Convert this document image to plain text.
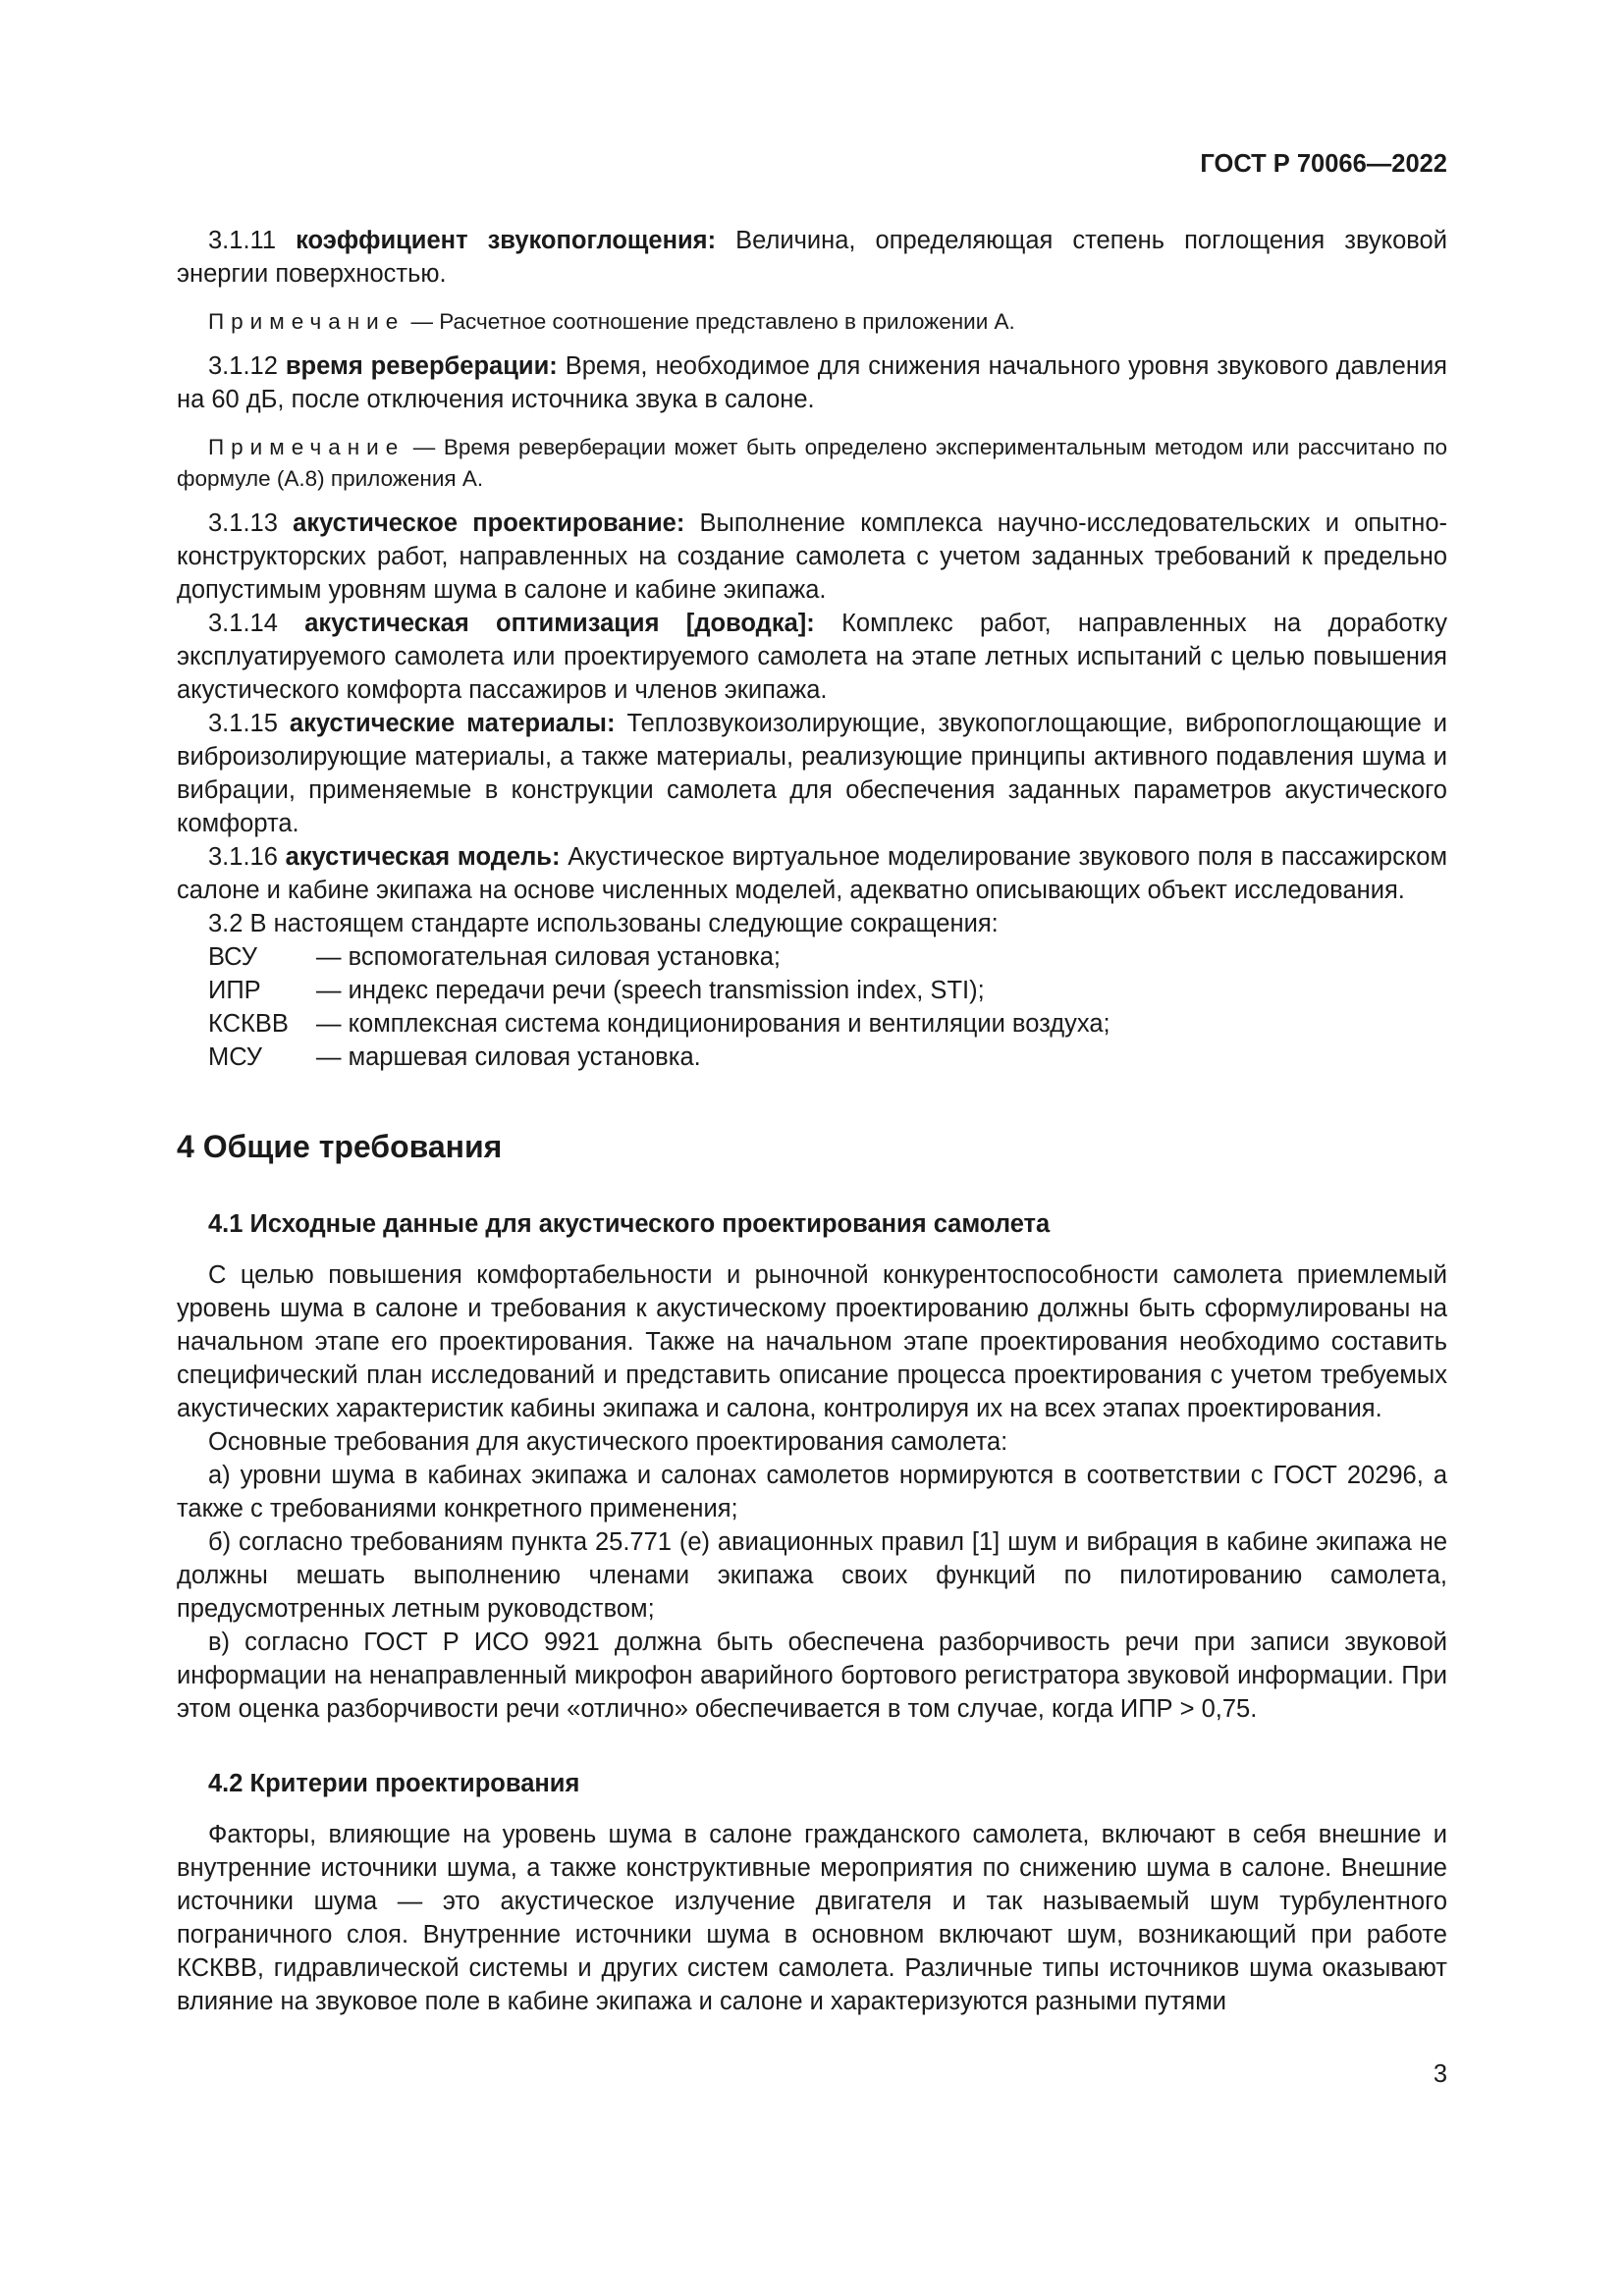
ГОСТ Р 70066—2022

3.1.11 коэффициент звукопоглощения: Величина, определяющая степень поглощения звуковой энергии поверхностью.

Примечание — Расчетное соотношение представлено в приложении А.

3.1.12 время реверберации: Время, необходимое для снижения начального уровня звукового давления на 60 дБ, после отключения источника звука в салоне.

Примечание — Время реверберации может быть определено экспериментальным методом или рассчитано по формуле (А.8) приложения А.

3.1.13 акустическое проектирование: Выполнение комплекса научно-исследовательских и опытно-конструкторских работ, направленных на создание самолета с учетом заданных требований к предельно допустимым уровням шума в салоне и кабине экипажа.

3.1.14 акустическая оптимизация [доводка]: Комплекс работ, направленных на доработку эксплуатируемого самолета или проектируемого самолета на этапе летных испытаний с целью повышения акустического комфорта пассажиров и членов экипажа.

3.1.15 акустические материалы: Теплозвукоизолирующие, звукопоглощающие, вибропоглощающие и виброизолирующие материалы, а также материалы, реализующие принципы активного подавления шума и вибрации, применяемые в конструкции самолета для обеспечения заданных параметров акустического комфорта.

3.1.16 акустическая модель: Акустическое виртуальное моделирование звукового поля в пассажирском салоне и кабине экипажа на основе численных моделей, адекватно описывающих объект исследования.

3.2 В настоящем стандарте использованы следующие сокращения:

ВСУ	— вспомогательная силовая установка;
ИПР	— индекс передачи речи (speech transmission index, STI);
КСКВВ	— комплексная система кондиционирования и вентиляции воздуха;
МСУ	— маршевая силовая установка.
4 Общие требования
4.1 Исходные данные для акустического проектирования самолета

С целью повышения комфортабельности и рыночной конкурентоспособности самолета приемлемый уровень шума в салоне и требования к акустическому проектированию должны быть сформулированы на начальном этапе его проектирования. Также на начальном этапе проектирования необходимо составить специфический план исследований и представить описание процесса проектирования с учетом требуемых акустических характеристик кабины экипажа и салона, контролируя их на всех этапах проектирования.

Основные требования для акустического проектирования самолета:

а) уровни шума в кабинах экипажа и салонах самолетов нормируются в соответствии с ГОСТ 20296, а также с требованиями конкретного применения;

б) согласно требованиям пункта 25.771 (е) авиационных правил [1] шум и вибрация в кабине экипажа не должны мешать выполнению членами экипажа своих функций по пилотированию самолета, предусмотренных летным руководством;

в) согласно ГОСТ Р ИСО 9921 должна быть обеспечена разборчивость речи при записи звуковой информации на ненаправленный микрофон аварийного бортового регистратора звуковой информации. При этом оценка разборчивости речи «отлично» обеспечивается в том случае, когда ИПР > 0,75.

4.2 Критерии проектирования

Факторы, влияющие на уровень шума в салоне гражданского самолета, включают в себя внешние и внутренние источники шума, а также конструктивные мероприятия по снижению шума в салоне. Внешние источники шума — это акустическое излучение двигателя и так называемый шум турбулентного пограничного слоя. Внутренние источники шума в основном включают шум, возникающий при работе КСКВВ, гидравлической системы и других систем самолета. Различные типы источников шума оказывают влияние на звуковое поле в кабине экипажа и салоне и характеризуются разными путями

3
